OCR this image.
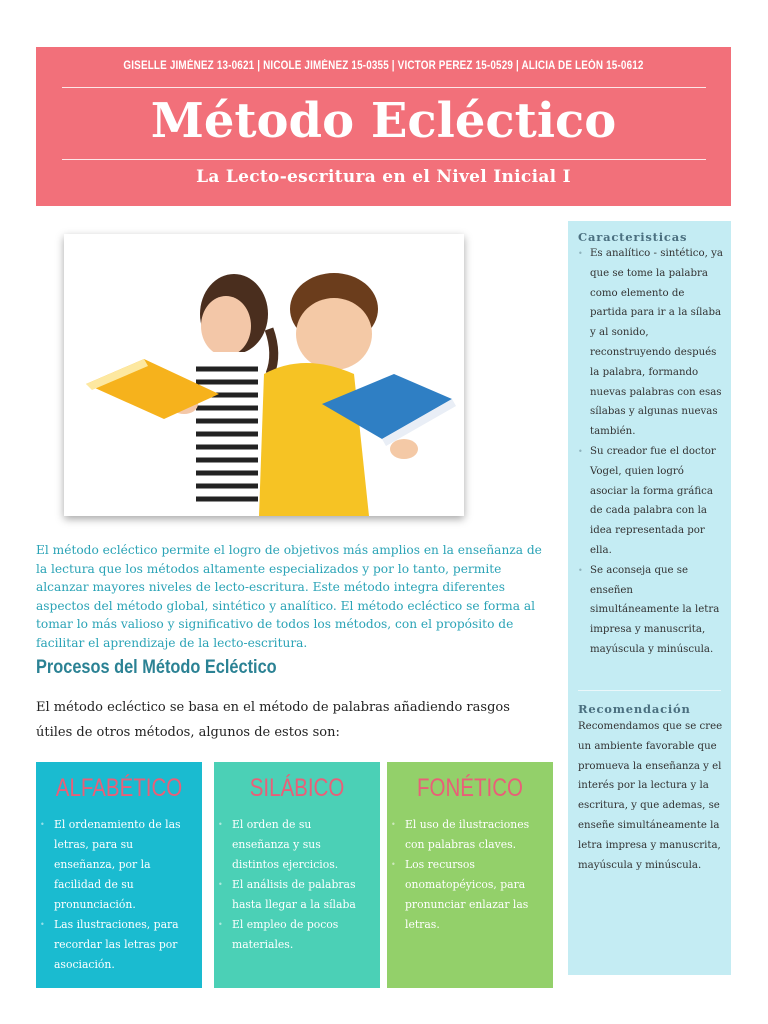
GISELLE JIMÉNEZ 13-0621 | NICOLE JIMÉNEZ 15-0355 | VICTOR PEREZ 15-0529 | ALICIA DE LEÓN 15-0612
Método Ecléctico
La Lecto-escritura en el Nivel Inicial I

El método ecléctico permite el logro de objetivos más amplios en la enseñanza de la lectura que los métodos altamente especializados y por lo tanto, permite alcanzar mayores niveles de lecto-escritura. Este método integra diferentes aspectos del método global, sintético y analítico. El método ecléctico se forma al tomar lo más valioso y significativo de todos los métodos, con el propósito de facilitar el aprendizaje de la lecto-escritura.

Procesos del Método Ecléctico

El método ecléctico se basa en el método de palabras añadiendo rasgos útiles de otros métodos, algunos de estos son:

ALFABÉTICO
• El ordenamiento de las letras, para su enseñanza, por la facilidad de su pronunciación.
• Las ilustraciones, para recordar las letras por asociación.
SILÁBICO
• El orden de su enseñanza y sus distintos ejercicios.
• El análisis de palabras hasta llegar a la sílaba
• El empleo de pocos materiales.
FONÉTICO
• El uso de ilustraciones con palabras claves.
• Los recursos onomatopéyicos, para pronunciar enlazar las letras.
Caracteristicas
• Es analítico - sintético, ya que se tome la palabra como elemento de partida para ir a la sílaba y al sonido, reconstruyendo después la palabra, formando nuevas palabras con esas sílabas y algunas nuevas también.
• Su creador fue el doctor Vogel, quien logró asociar la forma gráfica de cada palabra con la idea representada por ella.
• Se aconseja que se enseñen simultáneamente la letra impresa y manuscrita, mayúscula y minúscula.
Recomendación

Recomendamos que se cree un ambiente favorable que promueva la enseñanza y el interés por la lectura y la escritura, y que ademas, se enseñe simultáneamente la letra impresa y manuscrita, mayúscula y minúscula.
